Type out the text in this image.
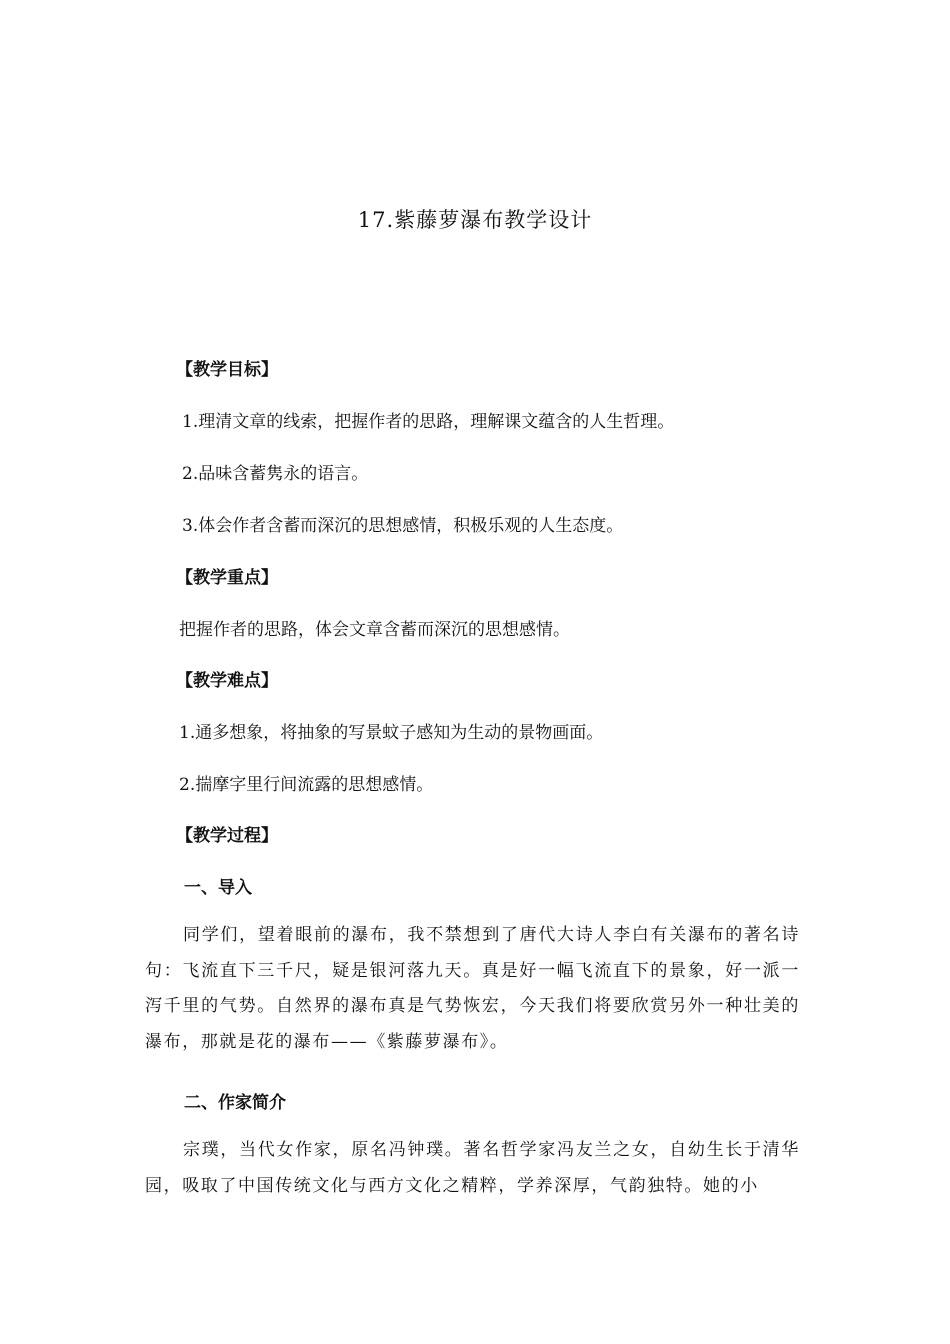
17.紫藤萝瀑布教学设计
【教学目标】
1.理清文章的线索，把握作者的思路，理解课文蕴含的人生哲理。
2.品味含蓄隽永的语言。
3.体会作者含蓄而深沉的思想感情，积极乐观的人生态度。
【教学重点】
把握作者的思路，体会文章含蓄而深沉的思想感情。
【教学难点】
1.通多想象，将抽象的写景蚊子感知为生动的景物画面。
2.揣摩字里行间流露的思想感情。
【教学过程】
一、导入
同学们，望着眼前的瀑布，我不禁想到了唐代大诗人李白有关瀑布的著名诗句：飞流直下三千尺，疑是银河落九天。真是好一幅飞流直下的景象，好一派一泻千里的气势。自然界的瀑布真是气势恢宏，今天我们将要欣赏另外一种壮美的瀑布，那就是花的瀑布——《紫藤萝瀑布》。
二、作家简介
宗璞，当代女作家，原名冯钟璞。著名哲学家冯友兰之女，自幼生长于清华园，吸取了中国传统文化与西方文化之精粹，学养深厚，气韵独特。她的小
